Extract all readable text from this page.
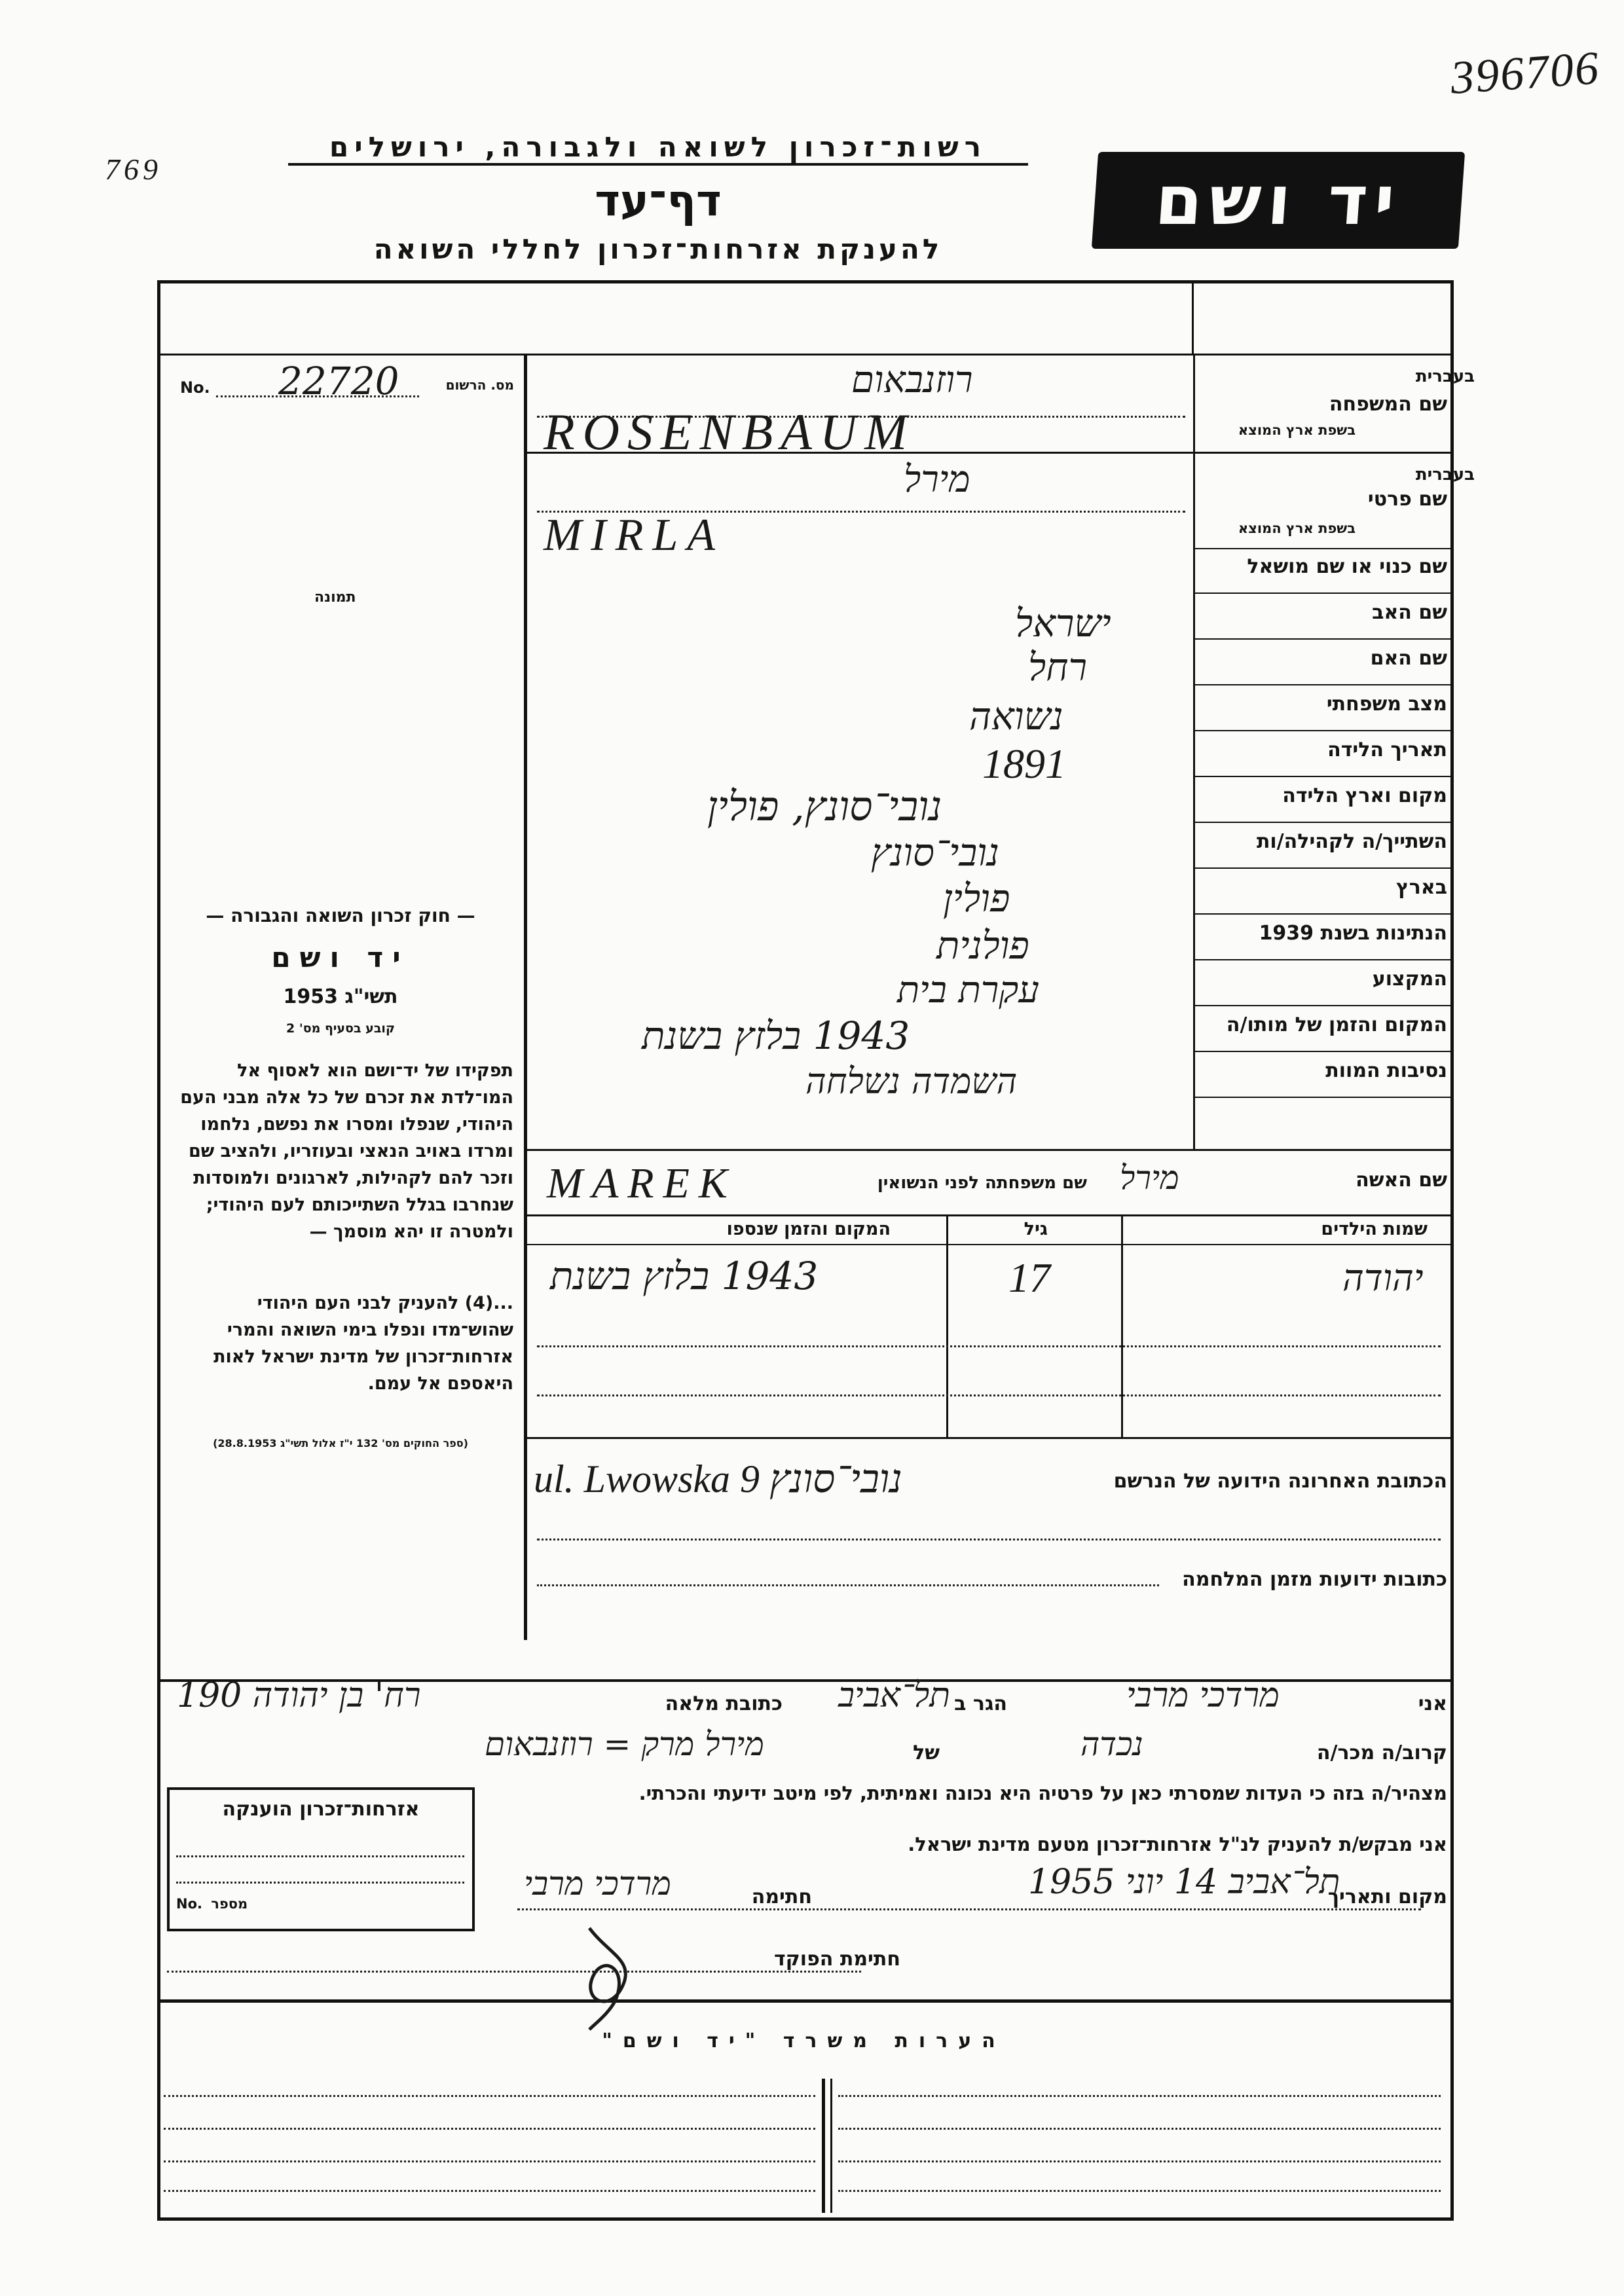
769
396706
רשות־זכרון לשואה ולגבורה, ירושלים
דף־עד
להענקת אזרחות־זכרון לחללי השואה
יד ושם
מס. הרשום
22720
No.
תמונה
— חוק זכרון השואה והגבורה —
יד ושם
תשי"ג 1953
קובע בסעיף מס' 2
תפקידו של יד־ושם הוא לאסוף אל המו־לדת את זכרם של כל אלה מבני העם היהודי, שנפלו ומסרו את נפשם, נלחמו ומרדו באויב הנאצי ובעוזריו, ולהציב שם וזכר להם לקהילות, לארגונים ולמוסדות שנחרבו בגלל השתייכותם לעם היהודי; ולמטרה זו יהא מוסמך —
...(4) להעניק לבני העם היהודי שהוש־מדו ונפלו בימי השואה והמרי אזרחות־זכרון של מדינת ישראל לאות היאספם אל עמם.
(ספר החוקים מס' 132 י"ז אלול תשי"ג 28.8.1953)
בעברית
שם המשפחה
בשפת ארץ המוצא
בעברית
שם פרטי
בשפת ארץ המוצא
שם כנוי או שם מושאל
שם האב
שם האם
מצב משפחתי
תאריך הלידה
מקום וארץ הלידה
השתייך/ה לקהילה/ות
בארץ
הנתינות בשנת 1939
המקצוע
המקום והזמן של מותו/ה
נסיבות המוות
שם האשה
שם משפחתה לפני הנשואין
שמות הילדים
גיל
המקום והזמן שנספו
הכתובת האחרונה הידועה של הנרשם
כתובות ידועות מזמן המלחמה
רוזנבאום
ROSENBAUM
מירל
MIRLA
ישראל
רחל
נשואה
1891
נובי־סונץ, פולין
נובי־סונץ
פולין
פולנית
עקרת בית
1943 בלזץ בשנת
השמדה נשלחה
מירל
MAREK
יהודה
17
1943 בלזץ בשנת
ul. Lwowska 9 נובי־סונץ
אני
מרדכי מרבי
הגר ב
תל־אביב
כתובת מלאה
רח' בן יהודה 190
קרוב/ה מכר/ה
נכדה
של
מירל מרק = רוזנבאום
מצהיר/ה בזה כי העדות שמסרתי כאן על פרטיה היא נכונה ואמיתית, לפי מיטב ידיעתי והכרתי.
אני מבקש/ת להעניק לנ"ל אזרחות־זכרון מטעם מדינת ישראל.
מקום ותאריך
תל־אביב 14 יוני 1955
חתימה
מרדכי מרבי
חתימת הפוקד
אזרחות־זכרון הוענקה
No. מספר
הערות משרד "יד ושם"
